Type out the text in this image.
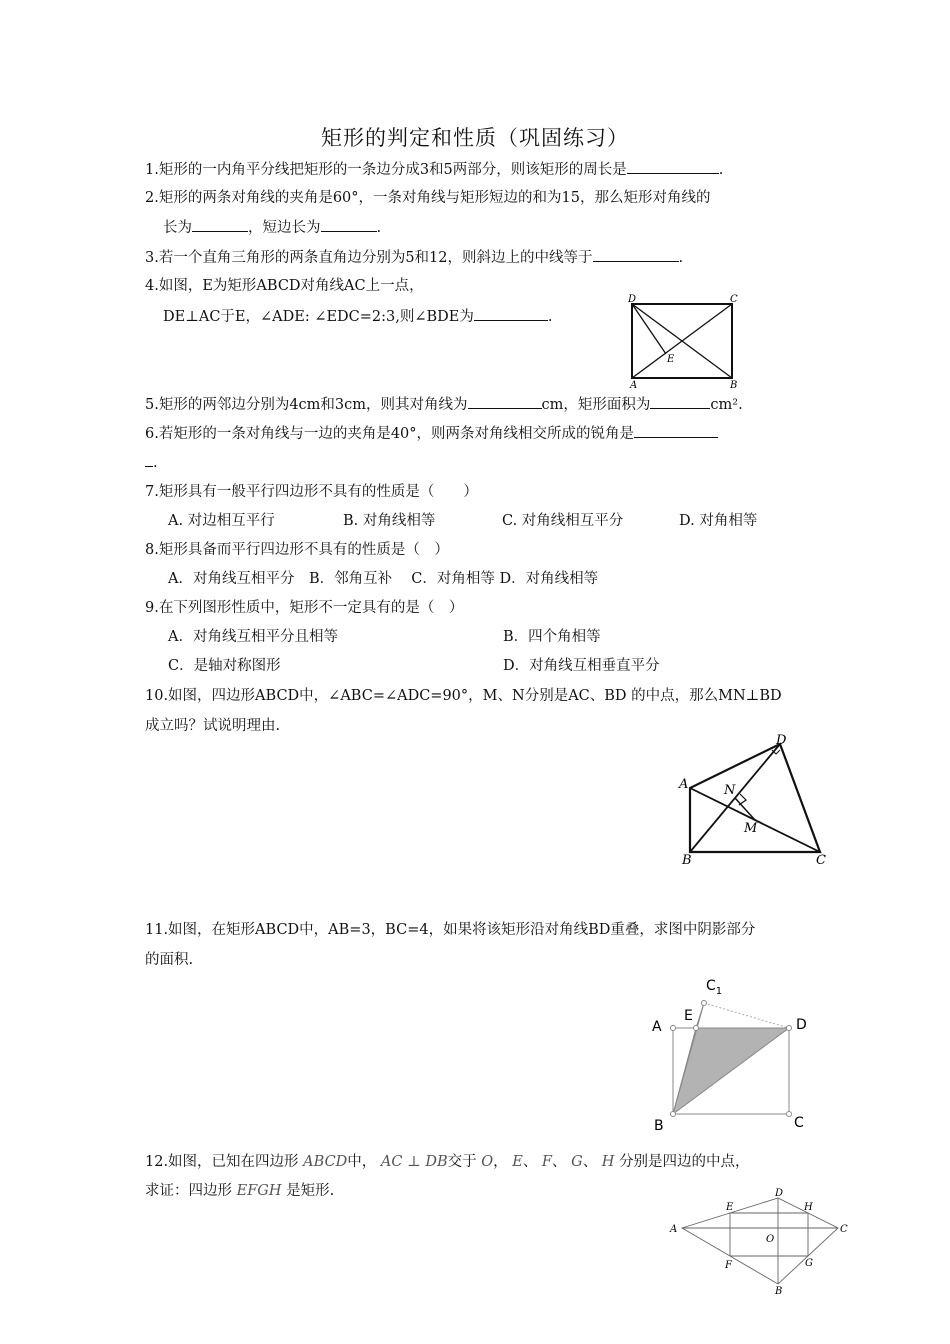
矩形的判定和性质（巩固练习）
1.矩形的一内角平分线把矩形的一条边分成3和5两部分，则该矩形的周长是	.
2.矩形的两条对角线的夹角是60°，一条对角线与矩形短边的和为15，那么矩形对角线的
长为	，短边长为	.
3.若一个直角三角形的两条直角边分别为5和12，则斜边上的中线等于	.
4.如图，E为矩形ABCD对角线AC上一点，
DE⊥AC于E，∠ADE: ∠EDC=2:3,则∠BDE为	.
D	C
A	B
E
5.矩形的两邻边分别为4cm和3cm，则其对角线为	cm，矩形面积为	cm².
6.若矩形的一条对角线与一边的夹角是40°，则两条对角线相交所成的锐角是
.
7.矩形具有一般平行四边形不具有的性质是（　　）
A. 对边相互平行	B. 对角线相等	C. 对角线相互平分	D. 对角相等
8.矩形具备而平行四边形不具有的性质是（　）
A．对角线互相平分　B．邻角互补　 C．对角相等 D．对角线相等
9.在下列图形性质中，矩形不一定具有的是（　）
A．对角线互相平分且相等	B．四个角相等
C．是轴对称图形	D．对角线互相垂直平分
10.如图，四边形ABCD中，∠ABC=∠ADC=90°，M、N分别是AC、BD 的中点，那么MN⊥BD
成立吗？试说明理由.
D
A	N
M
B	C
11.如图，在矩形ABCD中，AB=3，BC=4，如果将该矩形沿对角线BD重叠，求图中阴影部分
的面积.
$C_1$
E
A	D
B	C
12.如图，已知在四边形 ABCD中， AC ⊥ DB交于 O， E、 F、 G、 H 分别是四边的中点，
求证：四边形 EFGH 是矩形.
A
D
C
B
E	H
F	G
O
